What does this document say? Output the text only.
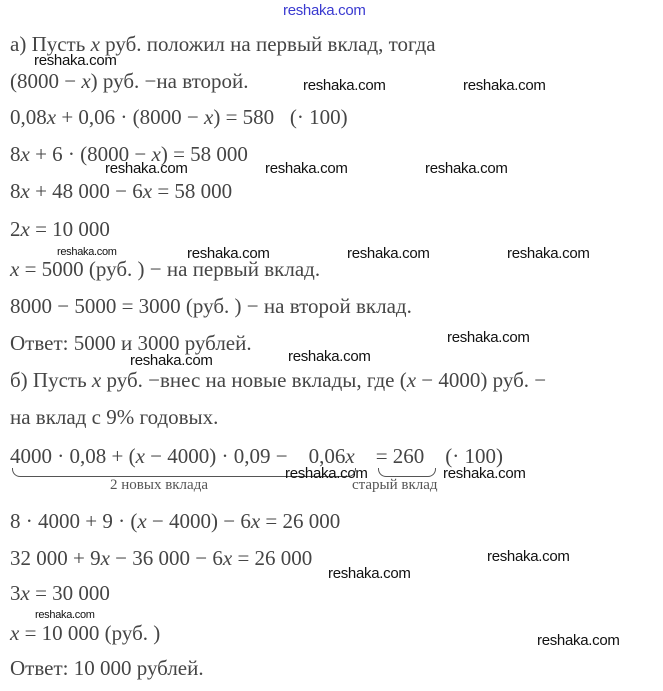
2 новых вклада	старый вклад
reshaka.com
reshaka.com
reshaka.com	reshaka.com
reshaka.com	reshaka.com	reshaka.com
reshaka.com	reshaka.com	reshaka.com	reshaka.com
reshaka.com
reshaka.com	reshaka.com
reshaka.com	reshaka.com
reshaka.com
reshaka.com
reshaka.com
reshaka.com
а) Пусть x руб. положил на первый вклад, тогда
(8000 − x) руб. −на второй.
0,08x + 0,06 · (8000 − x) = 580   (· 100)
8x + 6 · (8000 − x) = 58 000
8x + 48 000 − 6x = 58 000
2x = 10 000
x = 5000 (руб. ) − на первый вклад.
8000 − 5000 = 3000 (руб. ) − на второй вклад.
Ответ: 5000 и 3000 рублей.
б) Пусть x руб. −внес на новые вклады, где (x − 4000) руб. −
на вклад с 9% годовых.
4000 · 0,08 + (x − 4000) · 0,09 −    0,06x    = 260    (· 100)
8 · 4000 + 9 · (x − 4000) − 6x = 26 000
32 000 + 9x − 36 000 − 6x = 26 000
3x = 30 000
x = 10 000 (руб. )
Ответ: 10 000 рублей.
